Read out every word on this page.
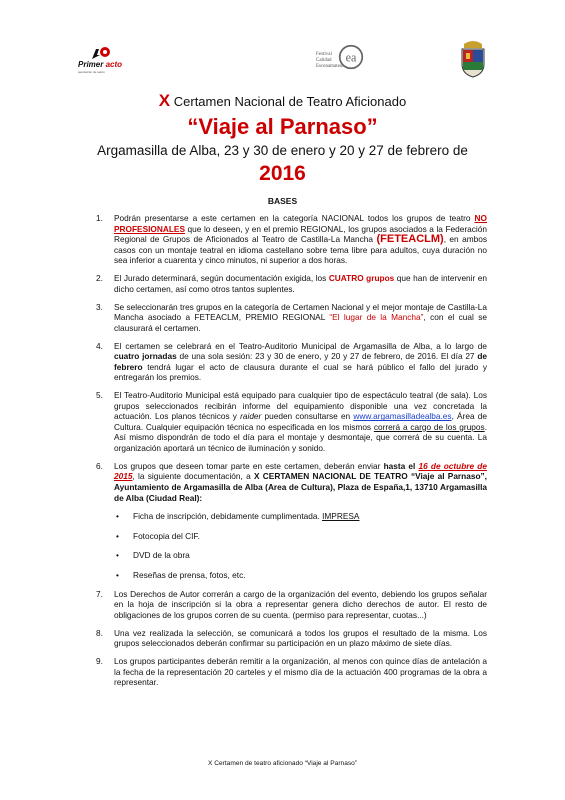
Primer acto
asociación de teatro
Festival
Calidad
Escenamateur
ea
X Certamen Nacional de Teatro Aficionado
“Viaje al Parnaso”
Argamasilla de Alba, 23 y 30 de enero y 20 y 27 de febrero de
2016
BASES
1. Podrán presentarse a este certamen en la categoría NACIONAL todos los grupos de teatro NO PROFESIONALES que lo deseen, y en el premio REGIONAL, los grupos asociados a la Federación Regional de Grupos de Aficionados al Teatro de Castilla-La Mancha (FETEACLM), en ambos casos con un montaje teatral en idioma castellano sobre tema libre para adultos, cuya duración no sea inferior a cuarenta y cinco minutos, ni superior a dos horas.
2. El Jurado determinará, según documentación exigida, los CUATRO grupos que han de intervenir en dicho certamen, así como otros tantos suplentes.
3. Se seleccionarán tres grupos en la categoría de Certamen Nacional y el mejor montaje de Castilla-La Mancha asociado a FETEACLM, PREMIO REGIONAL “El lugar de la Mancha”, con el cual se clausurará el certamen.
4. El certamen se celebrará en el Teatro-Auditorio Municipal de Argamasilla de Alba, a lo largo de cuatro jornadas de una sola sesión: 23 y 30 de enero, y 20 y 27 de febrero, de 2016. El día 27 de febrero tendrá lugar el acto de clausura durante el cual se hará público el fallo del jurado y entregarán los premios.
5. El Teatro-Auditorio Municipal está equipado para cualquier tipo de espectáculo teatral (de sala). Los grupos seleccionados recibirán informe del equipamiento disponible una vez concretada la actuación. Los planos técnicos y raider pueden consultarse en www.argamasilladealba.es, Área de Cultura. Cualquier equipación técnica no especificada en los mismos correrá a cargo de los grupos. Así mismo dispondrán de todo el día para el montaje y desmontaje, que correrá de su cuenta. La organización aportará un técnico de iluminación y sonido.
6. Los grupos que deseen tomar parte en este certamen, deberán enviar hasta el 16 de octubre de 2015, la siguiente documentación, a X CERTAMEN NACIONAL DE TEATRO “Viaje al Parnaso”, Ayuntamiento de Argamasilla de Alba (Area de Cultura), Plaza de España,1, 13710 Argamasilla de Alba (Ciudad Real):
• Ficha de inscripción, debidamente cumplimentada. IMPRESA
• Fotocopia del CIF.
• DVD de la obra
• Reseñas de prensa, fotos, etc.
7. Los Derechos de Autor correrán a cargo de la organización del evento, debiendo los grupos señalar en la hoja de inscripción si la obra a representar genera dicho derechos de autor. El resto de obligaciones de los grupos corren de su cuenta. (permiso para representar, cuotas...)
8. Una vez realizada la selección, se comunicará a todos los grupos el resultado de la misma. Los grupos seleccionados deberán confirmar su participación en un plazo máximo de siete días.
9. Los grupos participantes deberán remitir a la organización, al menos con quince días de antelación a la fecha de la representación 20 carteles y el mismo día de la actuación 400 programas de la obra a representar.
X Certamen de teatro aficionado “Viaje al Parnaso”
